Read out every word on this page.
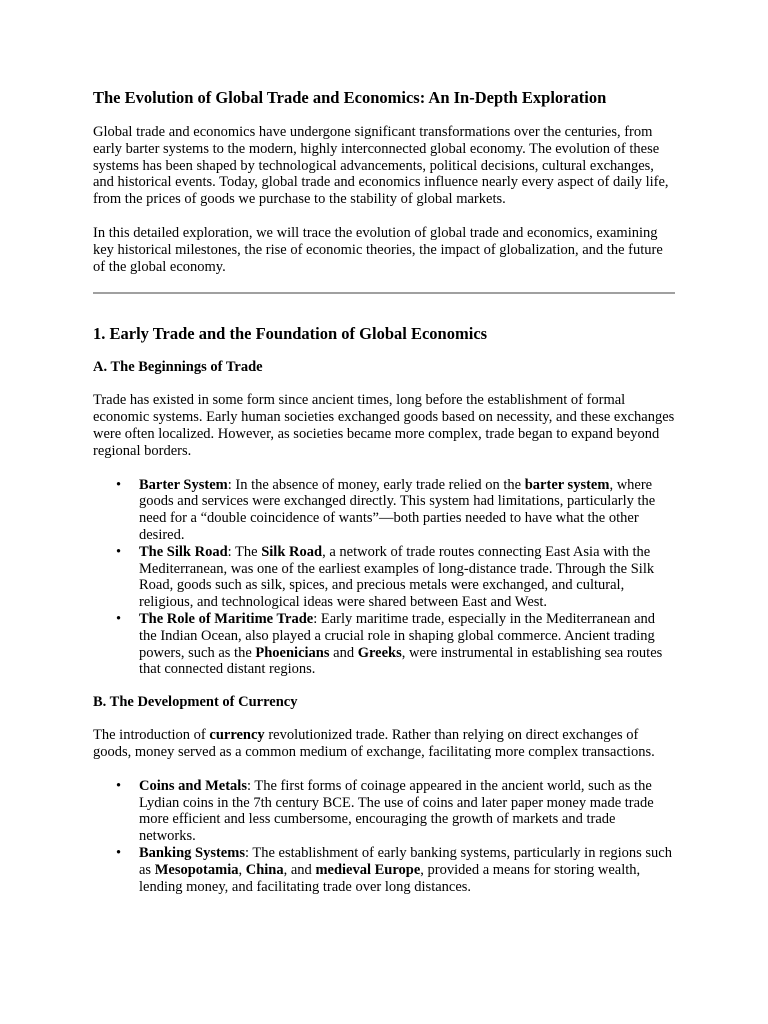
The Evolution of Global Trade and Economics: An In-Depth Exploration

Global trade and economics have undergone significant transformations over the centuries, from early barter systems to the modern, highly interconnected global economy. The evolution of these systems has been shaped by technological advancements, political decisions, cultural exchanges, and historical events. Today, global trade and economics influence nearly every aspect of daily life, from the prices of goods we purchase to the stability of global markets.

In this detailed exploration, we will trace the evolution of global trade and economics, examining key historical milestones, the rise of economic theories, the impact of globalization, and the future of the global economy.

1. Early Trade and the Foundation of Global Economics
A. The Beginnings of Trade

Trade has existed in some form since ancient times, long before the establishment of formal economic systems. Early human societies exchanged goods based on necessity, and these exchanges were often localized. However, as societies became more complex, trade began to expand beyond regional borders.

• Barter System: In the absence of money, early trade relied on the barter system, where goods and services were exchanged directly. This system had limitations, particularly the need for a “double coincidence of wants”—both parties needed to have what the other desired.
• The Silk Road: The Silk Road, a network of trade routes connecting East Asia with the Mediterranean, was one of the earliest examples of long-distance trade. Through the Silk Road, goods such as silk, spices, and precious metals were exchanged, and cultural, religious, and technological ideas were shared between East and West.
• The Role of Maritime Trade: Early maritime trade, especially in the Mediterranean and the Indian Ocean, also played a crucial role in shaping global commerce. Ancient trading powers, such as the Phoenicians and Greeks, were instrumental in establishing sea routes that connected distant regions.
B. The Development of Currency

The introduction of currency revolutionized trade. Rather than relying on direct exchanges of goods, money served as a common medium of exchange, facilitating more complex transactions.

• Coins and Metals: The first forms of coinage appeared in the ancient world, such as the Lydian coins in the 7th century BCE. The use of coins and later paper money made trade more efficient and less cumbersome, encouraging the growth of markets and trade networks.
• Banking Systems: The establishment of early banking systems, particularly in regions such as Mesopotamia, China, and medieval Europe, provided a means for storing wealth, lending money, and facilitating trade over long distances.
